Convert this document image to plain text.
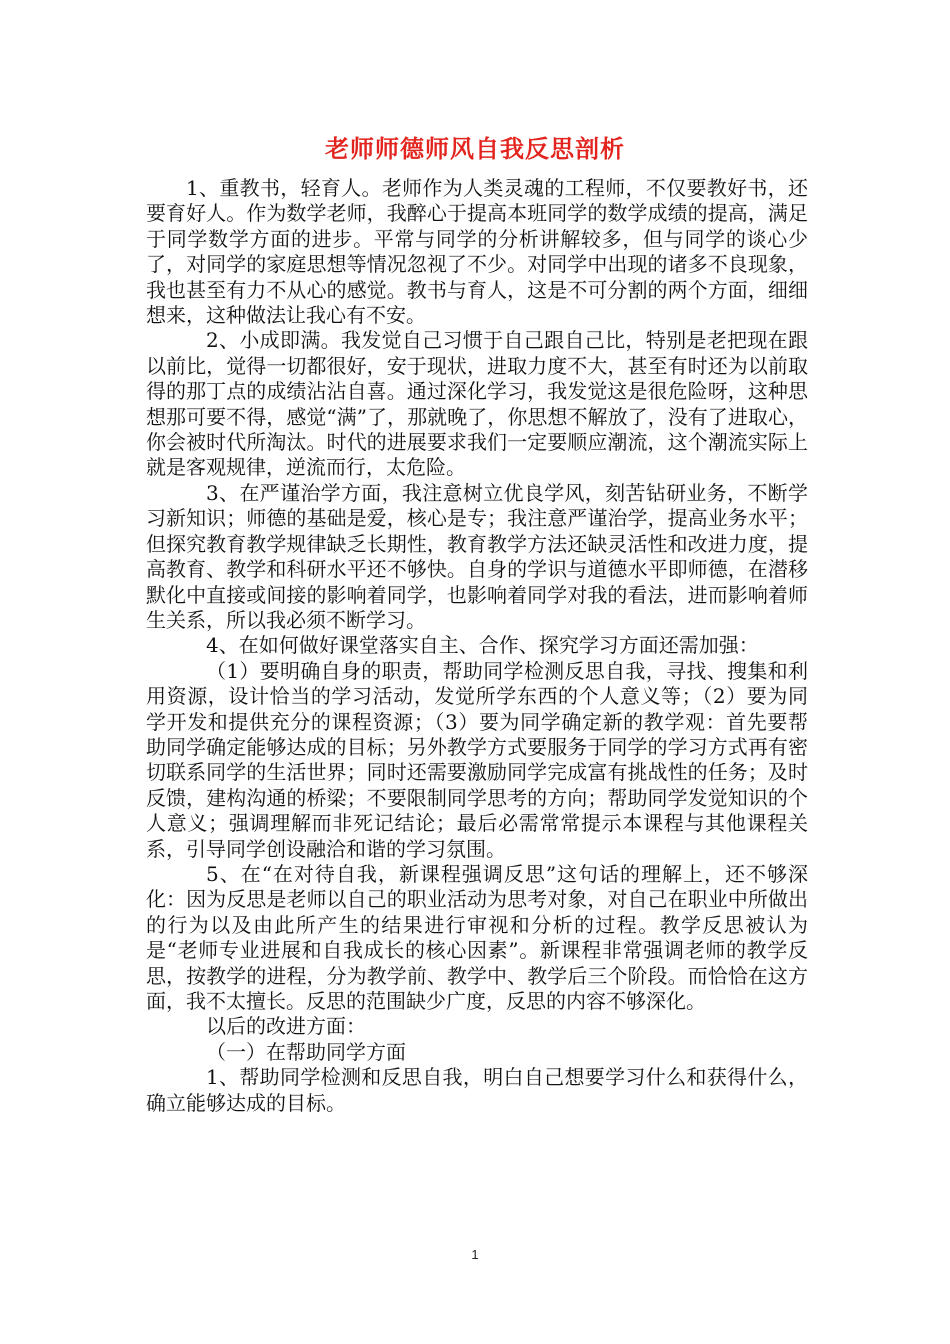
老师师德师风自我反思剖析

1、重教书，轻育人。老师作为人类灵魂的工程师，不仅要教好书，还要育好人。作为数学老师，我醉心于提高本班同学的数学成绩的提高，满足于同学数学方面的进步。平常与同学的分析讲解较多，但与同学的谈心少了，对同学的家庭思想等情况忽视了不少。对同学中出现的诸多不良现象，我也甚至有力不从心的感觉。教书与育人，这是不可分割的两个方面，细细想来，这种做法让我心有不安。

2、小成即满。我发觉自己习惯于自己跟自己比，特别是老把现在跟以前比，觉得一切都很好，安于现状，进取力度不大，甚至有时还为以前取得的那丁点的成绩沾沾自喜。通过深化学习，我发觉这是很危险呀，这种思想那可要不得，感觉“满”了，那就晚了，你思想不解放了，没有了进取心，你会被时代所淘汰。时代的进展要求我们一定要顺应潮流，这个潮流实际上就是客观规律，逆流而行，太危险。

3、在严谨治学方面，我注意树立优良学风，刻苦钻研业务，不断学习新知识；师德的基础是爱，核心是专；我注意严谨治学，提高业务水平；但探究教育教学规律缺乏长期性，教育教学方法还缺灵活性和改进力度，提高教育、教学和科研水平还不够快。自身的学识与道德水平即师德，在潜移默化中直接或间接的影响着同学，也影响着同学对我的看法，进而影响着师生关系，所以我必须不断学习。

4、在如何做好课堂落实自主、合作、探究学习方面还需加强：

（1）要明确自身的职责，帮助同学检测反思自我，寻找、搜集和利用资源，设计恰当的学习活动，发觉所学东西的个人意义等；（2）要为同学开发和提供充分的课程资源；（3）要为同学确定新的教学观：首先要帮助同学确定能够达成的目标；另外教学方式要服务于同学的学习方式再有密切联系同学的生活世界；同时还需要激励同学完成富有挑战性的任务；及时反馈，建构沟通的桥梁；不要限制同学思考的方向；帮助同学发觉知识的个人意义；强调理解而非死记结论；最后必需常常提示本课程与其他课程关系，引导同学创设融洽和谐的学习氛围。

5、在“在对待自我，新课程强调反思”这句话的理解上，还不够深化：因为反思是老师以自己的职业活动为思考对象，对自己在职业中所做出的行为以及由此所产生的结果进行审视和分析的过程。教学反思被认为是“老师专业进展和自我成长的核心因素”。新课程非常强调老师的教学反思，按教学的进程，分为教学前、教学中、教学后三个阶段。而恰恰在这方面，我不太擅长。反思的范围缺少广度，反思的内容不够深化。

以后的改进方面：

（一）在帮助同学方面

1、帮助同学检测和反思自我，明白自己想要学习什么和获得什么，确立能够达成的目标。

1
